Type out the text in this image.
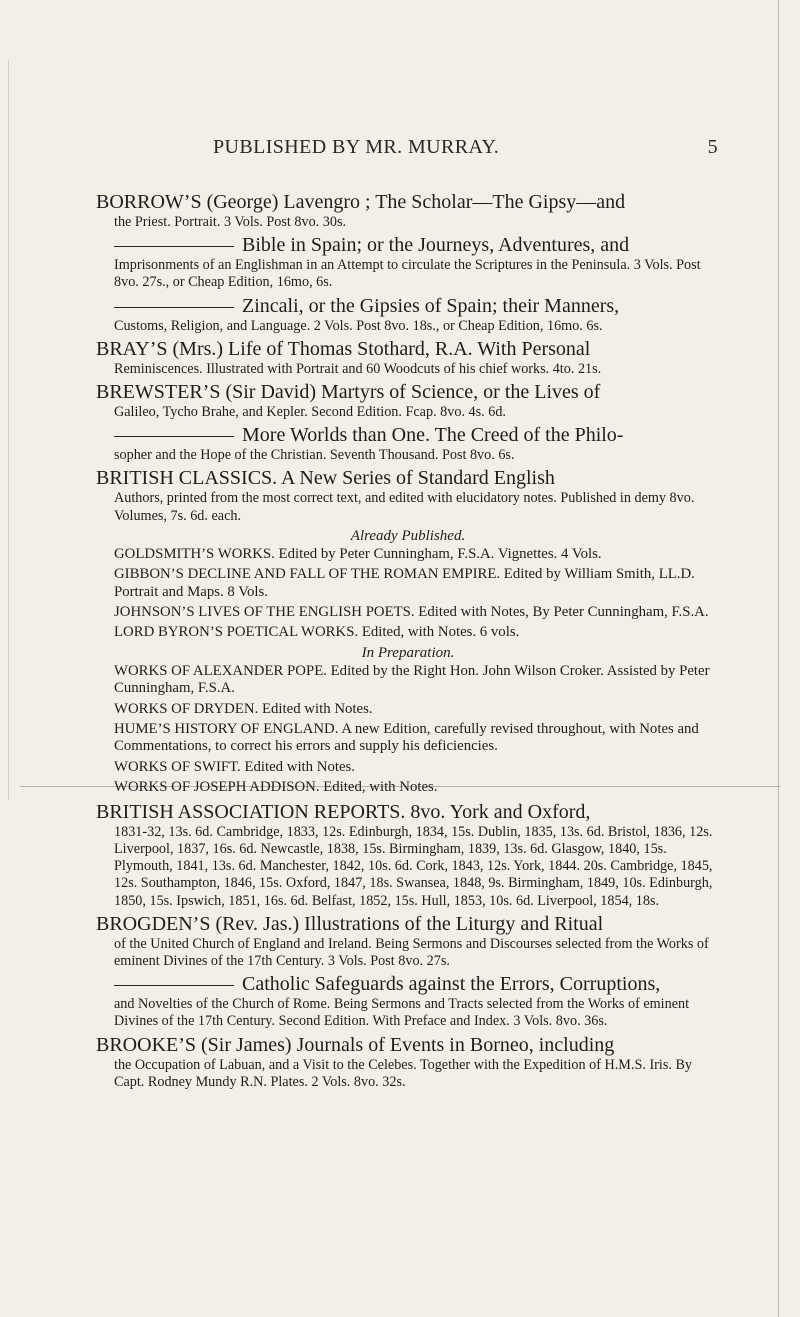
PUBLISHED BY MR. MURRAY.	5

BORROW’S (George) Lavengro ; The Scholar—The Gipsy—and

the Priest. Portrait. 3 Vols. Post 8vo. 30s.

Bible in Spain; or the Journeys, Adventures, and

Imprisonments of an Englishman in an Attempt to circulate the Scriptures in the Peninsula. 3 Vols. Post 8vo. 27s., or Cheap Edition, 16mo, 6s.

Zincali, or the Gipsies of Spain; their Manners,

Customs, Religion, and Language. 2 Vols. Post 8vo. 18s., or Cheap Edition, 16mo. 6s.

BRAY’S (Mrs.) Life of Thomas Stothard, R.A. With Personal

Reminiscences. Illustrated with Portrait and 60 Woodcuts of his chief works. 4to. 21s.

BREWSTER’S (Sir David) Martyrs of Science, or the Lives of

Galileo, Tycho Brahe, and Kepler. Second Edition. Fcap. 8vo. 4s. 6d.

More Worlds than One. The Creed of the Philo-

sopher and the Hope of the Christian. Seventh Thousand. Post 8vo. 6s.

BRITISH CLASSICS. A New Series of Standard English

Authors, printed from the most correct text, and edited with elucidatory notes. Published in demy 8vo. Volumes, 7s. 6d. each.

Already Published.

GOLDSMITH’S WORKS. Edited by Peter Cunningham, F.S.A. Vignettes. 4 Vols.

GIBBON’S DECLINE AND FALL OF THE ROMAN EMPIRE. Edited by William Smith, LL.D. Portrait and Maps. 8 Vols.

JOHNSON’S LIVES OF THE ENGLISH POETS. Edited with Notes, By Peter Cunningham, F.S.A.

LORD BYRON’S POETICAL WORKS. Edited, with Notes. 6 vols.

In Preparation.

WORKS OF ALEXANDER POPE. Edited by the Right Hon. John Wilson Croker. Assisted by Peter Cunningham, F.S.A.

WORKS OF DRYDEN. Edited with Notes.

HUME’S HISTORY OF ENGLAND. A new Edition, carefully revised throughout, with Notes and Commentations, to correct his errors and supply his deficiencies.

WORKS OF SWIFT. Edited with Notes.

WORKS OF JOSEPH ADDISON. Edited, with Notes.

BRITISH ASSOCIATION REPORTS. 8vo. York and Oxford,

1831-32, 13s. 6d. Cambridge, 1833, 12s. Edinburgh, 1834, 15s. Dublin, 1835, 13s. 6d. Bristol, 1836, 12s. Liverpool, 1837, 16s. 6d. Newcastle, 1838, 15s. Birmingham, 1839, 13s. 6d. Glasgow, 1840, 15s. Plymouth, 1841, 13s. 6d. Manchester, 1842, 10s. 6d. Cork, 1843, 12s. York, 1844. 20s. Cambridge, 1845, 12s. Southampton, 1846, 15s. Oxford, 1847, 18s. Swansea, 1848, 9s. Birmingham, 1849, 10s. Edinburgh, 1850, 15s. Ipswich, 1851, 16s. 6d. Belfast, 1852, 15s. Hull, 1853, 10s. 6d. Liverpool, 1854, 18s.

BROGDEN’S (Rev. Jas.) Illustrations of the Liturgy and Ritual

of the United Church of England and Ireland. Being Sermons and Discourses selected from the Works of eminent Divines of the 17th Century. 3 Vols. Post 8vo. 27s.

Catholic Safeguards against the Errors, Corruptions,

and Novelties of the Church of Rome. Being Sermons and Tracts selected from the Works of eminent Divines of the 17th Century. Second Edition. With Preface and Index. 3 Vols. 8vo. 36s.

BROOKE’S (Sir James) Journals of Events in Borneo, including

the Occupation of Labuan, and a Visit to the Celebes. Together with the Expedition of H.M.S. Iris. By Capt. Rodney Mundy R.N. Plates. 2 Vols. 8vo. 32s.
